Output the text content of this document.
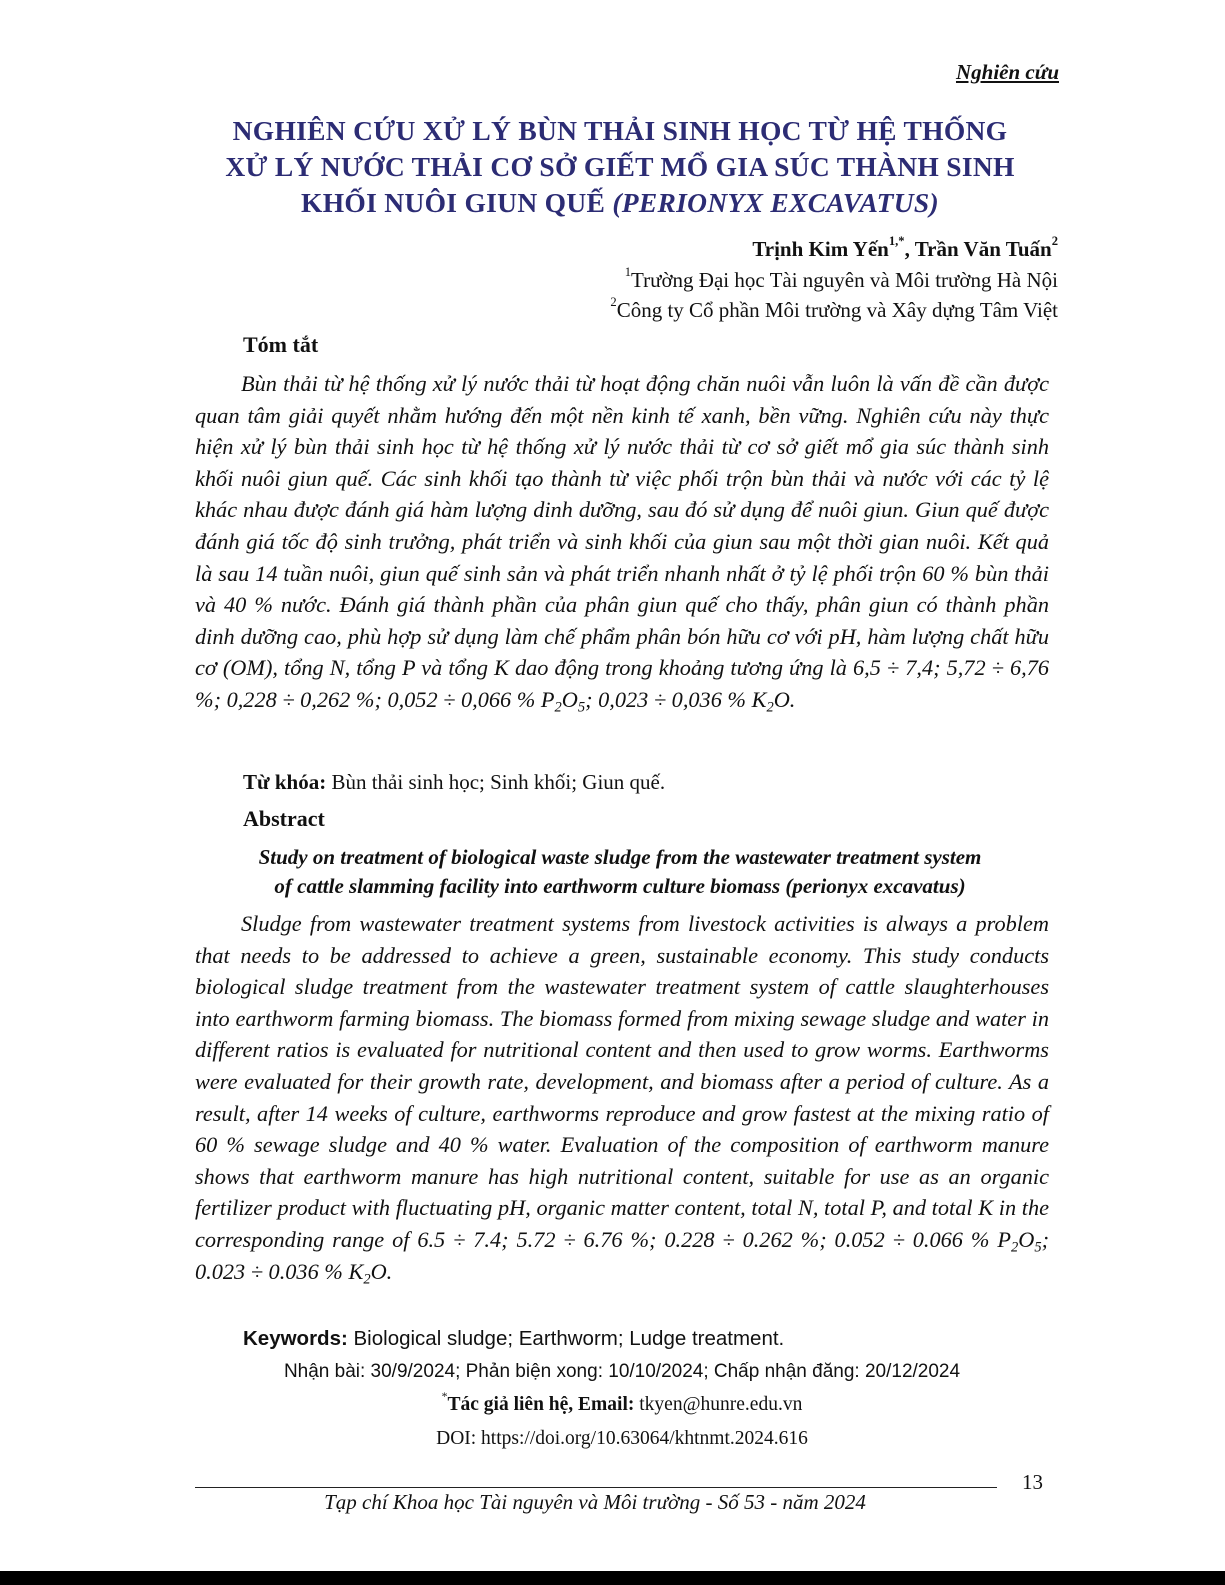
Nghiên cứu
NGHIÊN CỨU XỬ LÝ BÙN THẢI SINH HỌC TỪ HỆ THỐNG
XỬ LÝ NƯỚC THẢI CƠ SỞ GIẾT MỔ GIA SÚC THÀNH SINH
KHỐI NUÔI GIUN QUẾ (PERIONYX EXCAVATUS)
Trịnh Kim Yến$^{1,*}$, Trần Văn Tuấn$^2$
$^1$Trường Đại học Tài nguyên và Môi trường Hà Nội
$^2$Công ty Cổ phần Môi trường và Xây dựng Tâm Việt
Tóm tắt
Bùn thải từ hệ thống xử lý nước thải từ hoạt động chăn nuôi vẫn luôn là vấn đề cần được quan tâm giải quyết nhằm hướng đến một nền kinh tế xanh, bền vững. Nghiên cứu này thực hiện xử lý bùn thải sinh học từ hệ thống xử lý nước thải từ cơ sở giết mổ gia súc thành sinh khối nuôi giun quế. Các sinh khối tạo thành từ việc phối trộn bùn thải và nước với các tỷ lệ khác nhau được đánh giá hàm lượng dinh dưỡng, sau đó sử dụng để nuôi giun. Giun quế được đánh giá tốc độ sinh trưởng, phát triển và sinh khối của giun sau một thời gian nuôi. Kết quả là sau 14 tuần nuôi, giun quế sinh sản và phát triển nhanh nhất ở tỷ lệ phối trộn 60 % bùn thải và 40 % nước. Đánh giá thành phần của phân giun quế cho thấy, phân giun có thành phần dinh dưỡng cao, phù hợp sử dụng làm chế phẩm phân bón hữu cơ với pH, hàm lượng chất hữu cơ (OM), tổng N, tổng P và tổng K dao động trong khoảng tương ứng là 6,5 ÷ 7,4; 5,72 ÷ 6,76 %; 0,228 ÷ 0,262 %; 0,052 ÷ 0,066 % $P_2O_5$; 0,023 ÷ 0,036 % $K_2O$.
Từ khóa: Bùn thải sinh học; Sinh khối; Giun quế.
Abstract
Study on treatment of biological waste sludge from the wastewater treatment system
of cattle slamming facility into earthworm culture biomass (perionyx excavatus)
Sludge from wastewater treatment systems from livestock activities is always a problem that needs to be addressed to achieve a green, sustainable economy. This study conducts biological sludge treatment from the wastewater treatment system of cattle slaughterhouses into earthworm farming biomass. The biomass formed from mixing sewage sludge and water in different ratios is evaluated for nutritional content and then used to grow worms. Earthworms were evaluated for their growth rate, development, and biomass after a period of culture. As a result, after 14 weeks of culture, earthworms reproduce and grow fastest at the mixing ratio of 60 % sewage sludge and 40 % water. Evaluation of the composition of earthworm manure shows that earthworm manure has high nutritional content, suitable for use as an organic fertilizer product with fluctuating pH, organic matter content, total N, total P, and total K in the corresponding range of 6.5 ÷ 7.4; 5.72 ÷ 6.76 %; 0.228 ÷ 0.262 %; 0.052 ÷ 0.066 % $P_2O_5$; 0.023 ÷ 0.036 % $K_2O$.
Keywords: Biological sludge; Earthworm; Ludge treatment.
Nhận bài: 30/9/2024; Phản biện xong: 10/10/2024; Chấp nhận đăng: 20/12/2024
*Tác giả liên hệ, Email: tkyen@hunre.edu.vn
DOI: https://doi.org/10.63064/khtnmt.2024.616
13
Tạp chí Khoa học Tài nguyên và Môi trường - Số 53 - năm 2024
